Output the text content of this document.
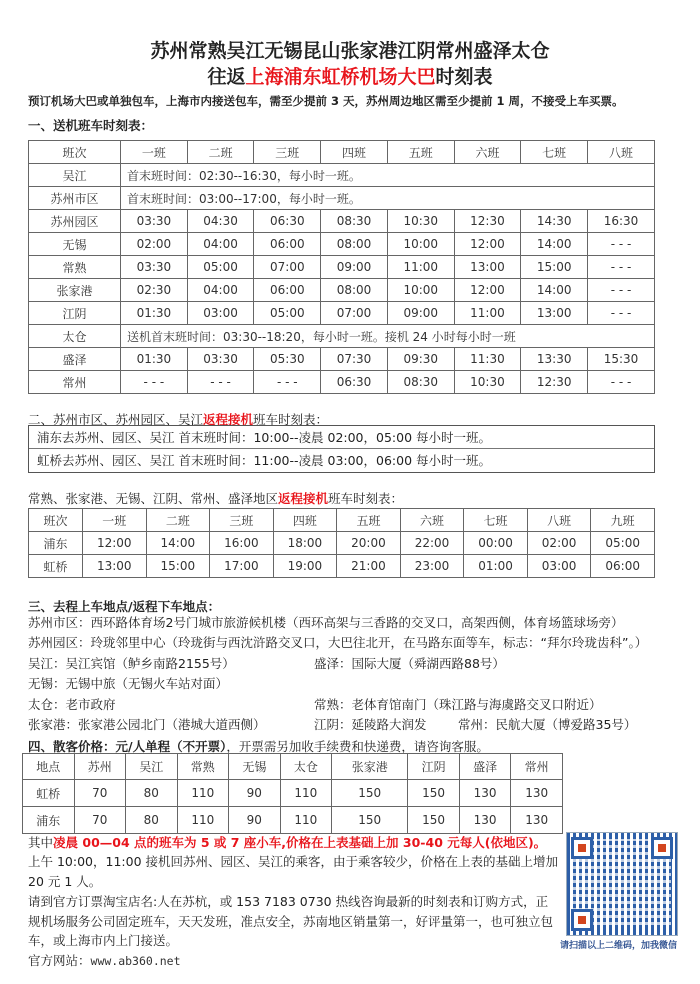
苏州常熟吴江无锡昆山张家港江阴常州盛泽太仓
往返上海浦东虹桥机场大巴时刻表
预订机场大巴或单独包车，上海市内接送包车，需至少提前 3 天，苏州周边地区需至少提前 1 周，不接受上车买票。
一、送机班车时刻表：
班次	一班	二班	三班	四班	五班	六班	七班	八班
吴江	首末班时间：02:30--16:30，每小时一班。							
苏州市区	首末班时间：03:00--17:00，每小时一班。							
苏州园区	03:30	04:30	06:30	08:30	10:30	12:30	14:30	16:30
无锡	02:00	04:00	06:00	08:00	10:00	12:00	14:00	- - -
常熟	03:30	05:00	07:00	09:00	11:00	13:00	15:00	- - -
张家港	02:30	04:00	06:00	08:00	10:00	12:00	14:00	- - -
江阴	01:30	03:00	05:00	07:00	09:00	11:00	13:00	- - -
太仓	送机首末班时间：03:30--18:20，每小时一班。接机 24 小时每小时一班							
盛泽	01:30	03:30	05:30	07:30	09:30	11:30	13:30	15:30
常州	- - -	- - -	- - -	06:30	08:30	10:30	12:30	- - -
二、苏州市区、苏州园区、吴江返程接机班车时刻表：
浦东去苏州、园区、吴江 首末班时间：10:00--凌晨 02:00，05:00 每小时一班。
虹桥去苏州、园区、吴江 首末班时间：11:00--凌晨 03:00，06:00 每小时一班。
常熟、张家港、无锡、江阴、常州、盛泽地区返程接机班车时刻表：
班次	一班	二班	三班	四班	五班	六班	七班	八班	九班
浦东	12:00	14:00	16:00	18:00	20:00	22:00	00:00	02:00	05:00
虹桥	13:00	15:00	17:00	19:00	21:00	23:00	01:00	03:00	06:00
三、去程上车地点/返程下车地点：
苏州市区：西环路体育场2号门城市旅游候机楼（西环高架与三香路的交叉口，高架西侧，体育场篮球场旁）
苏州园区：玲珑邻里中心（玲珑街与西沈浒路交叉口，大巴往北开，在马路东面等车，标志：“拜尔玲珑齿科”。）
吴江：吴江宾馆（鲈乡南路2155号）	盛泽：国际大厦（舜湖西路88号）
无锡：无锡中旅（无锡火车站对面）
太仓：老市政府	常熟：老体育馆南门（珠江路与海虞路交叉口附近）
张家港：张家港公园北门（港城大道西侧）	江阴：延陵路大润发	常州：民航大厦（博爱路35号）
四、散客价格：元/人单程（不开票），开票需另加收手续费和快递费，请咨询客服。
地点	苏州	吴江	常熟	无锡	太仓	张家港	江阴	盛泽	常州
虹桥	70	80	110	90	110	150	150	130	130
浦东	70	80	110	90	110	150	150	130	130
其中凌晨 00—04 点的班车为 5 或 7 座小车,价格在上表基础上加 30-40 元每人(依地区)。
上午 10:00，11:00 接机回苏州、园区、吴江的乘客，由于乘客较少，价格在上表的基础上增加 20 元 1 人。
请到官方订票淘宝店名:人在苏杭，或 153 7183 0730 热线咨询最新的时刻表和订购方式，正规机场服务公司固定班车，天天发班，准点安全，苏南地区销量第一，好评量第一，也可独立包车，或上海市内上门接送。
官方网站：www.ab360.net
请扫描以上二维码，加我微信
